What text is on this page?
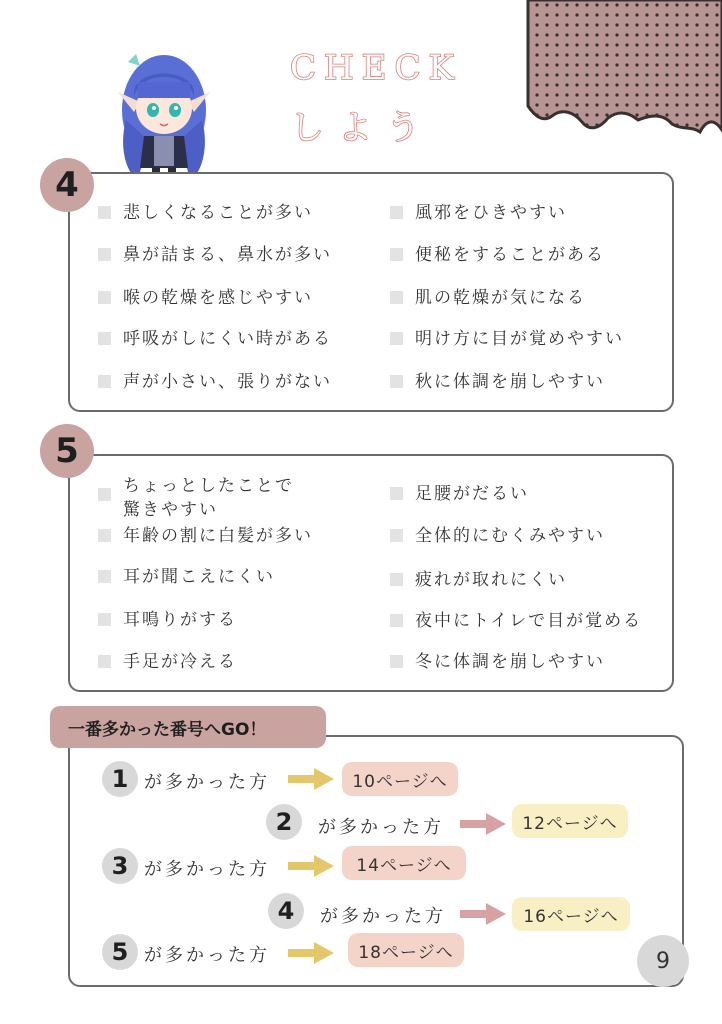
CHECK
しよう
4
悲しくなることが多い
鼻が詰まる、鼻水が多い
喉の乾燥を感じやすい
呼吸がしにくい時がある
声が小さい、張りがない
風邪をひきやすい
便秘をすることがある
肌の乾燥が気になる
明け方に目が覚めやすい
秋に体調を崩しやすい
5
ちょっとしたことで
驚きやすい
年齢の割に白髪が多い
耳が聞こえにくい
耳鳴りがする
手足が冷える
足腰がだるい
全体的にむくみやすい
疲れが取れにくい
夜中にトイレで目が覚める
冬に体調を崩しやすい
一番多かった番号へGO！
1 が多かった方	10ページへ
2	が多かった方	12ページへ
3 が多かった方	14ページへ
4	が多かった方	16ページへ
5 が多かった方	18ページへ	9
